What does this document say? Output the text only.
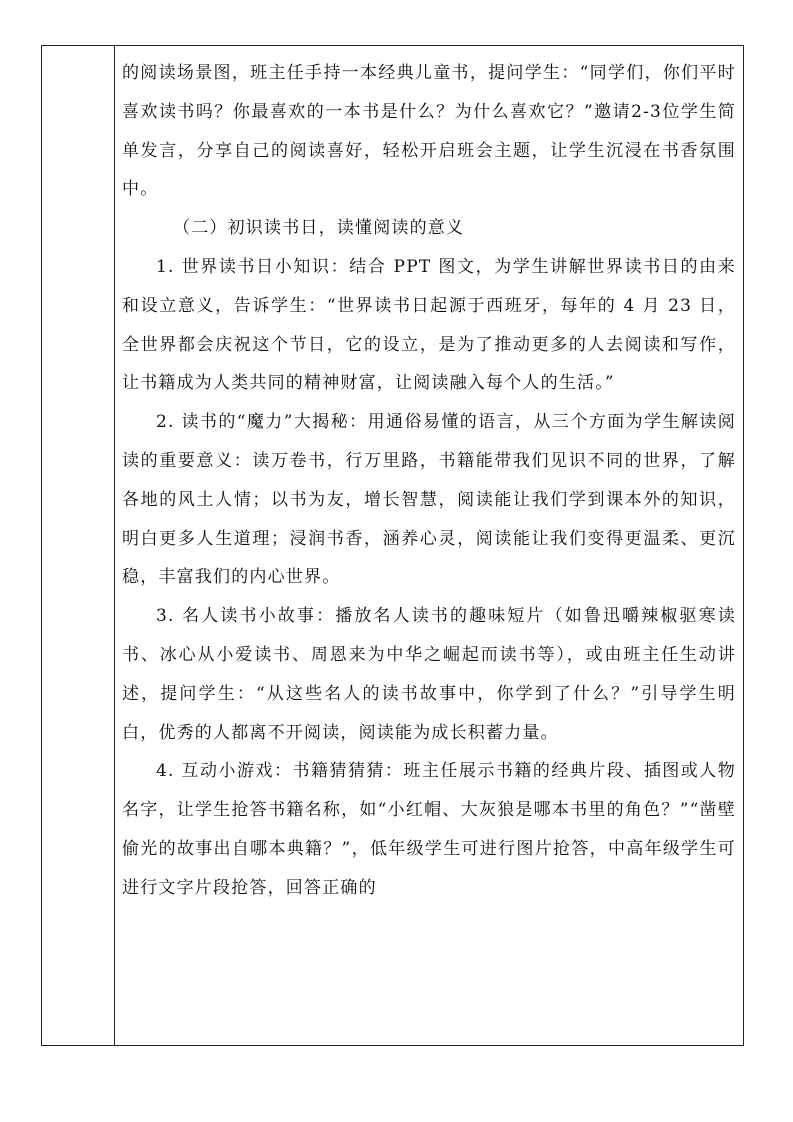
的阅读场景图，班主任手持一本经典儿童书，提问学生：“同学们，你们平时喜欢读书吗？你最喜欢的一本书是什么？为什么喜欢它？”邀请2-3位学生简单发言，分享自己的阅读喜好，轻松开启班会主题，让学生沉浸在书香氛围中。

（二）初识读书日，读懂阅读的意义

1. 世界读书日小知识：结合 PPT 图文，为学生讲解世界读书日的由来和设立意义，告诉学生：“世界读书日起源于西班牙，每年的 4 月 23 日，全世界都会庆祝这个节日，它的设立，是为了推动更多的人去阅读和写作，让书籍成为人类共同的精神财富，让阅读融入每个人的生活。”

2. 读书的“魔力”大揭秘：用通俗易懂的语言，从三个方面为学生解读阅读的重要意义：读万卷书，行万里路，书籍能带我们见识不同的世界，了解各地的风土人情；以书为友，增长智慧，阅读能让我们学到课本外的知识，明白更多人生道理；浸润书香，涵养心灵，阅读能让我们变得更温柔、更沉稳，丰富我们的内心世界。

3. 名人读书小故事：播放名人读书的趣味短片（如鲁迅嚼辣椒驱寒读书、冰心从小爱读书、周恩来为中华之崛起而读书等），或由班主任生动讲述，提问学生：“从这些名人的读书故事中，你学到了什么？”引导学生明白，优秀的人都离不开阅读，阅读能为成长积蓄力量。

4. 互动小游戏：书籍猜猜猜：班主任展示书籍的经典片段、插图或人物名字，让学生抢答书籍名称，如“小红帽、大灰狼是哪本书里的角色？”“凿壁偷光的故事出自哪本典籍？”，低年级学生可进行图片抢答，中高年级学生可进行文字片段抢答，回答正确的
